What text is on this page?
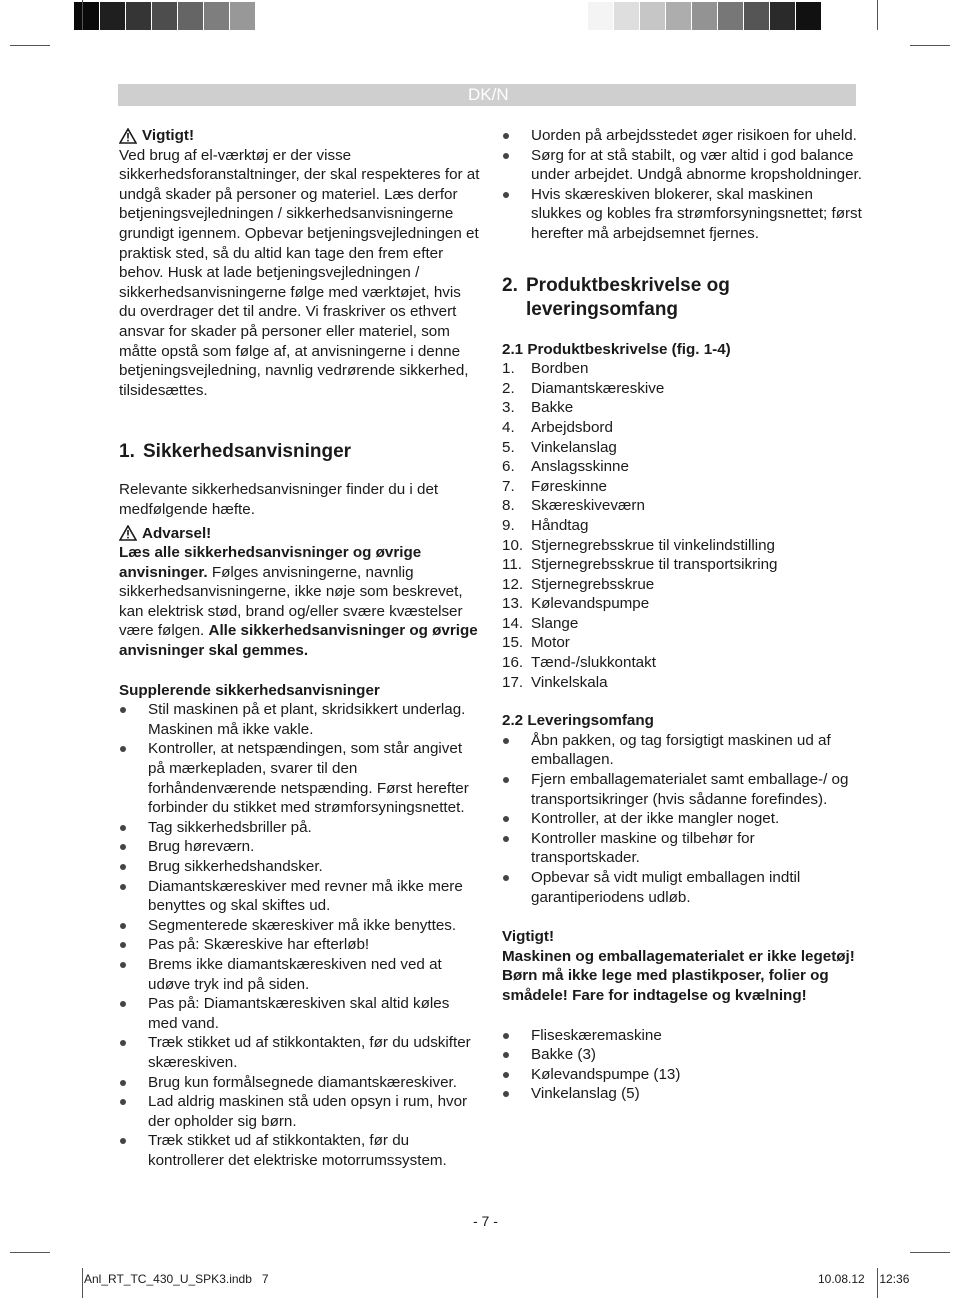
DK/N
Vigtigt!

Ved brug af el-værktøj er der visse sikkerhedsforanstaltninger, der skal respekteres for at undgå skader på personer og materiel. Læs derfor betjeningsvejledningen / sikkerhedsanvisningerne grundigt igennem. Opbevar betjeningsvejledningen et praktisk sted, så du altid kan tage den frem efter behov. Husk at lade betjeningsvejledningen / sikkerhedsanvisningerne følge med værktøjet, hvis du overdrager det til andre. Vi fraskriver os ethvert ansvar for skader på personer eller materiel, som måtte opstå som følge af, at anvisningerne i denne betjeningsvejledning, navnlig vedrørende sikkerhed, tilsidesættes.

1. Sikkerhedsanvisninger

Relevante sikkerhedsanvisninger finder du i det medfølgende hæfte.

Advarsel!

Læs alle sikkerhedsanvisninger og øvrige anvisninger. Følges anvisningerne, navnlig sikkerhedsanvisningerne, ikke nøje som beskrevet, kan elektrisk stød, brand og/eller svære kvæstelser være følgen. Alle sikkerhedsanvisninger og øvrige anvisninger skal gemmes.

Supplerende sikkerhedsanvisninger

Stil maskinen på et plant, skridsikkert underlag. Maskinen må ikke vakle.
Kontroller, at netspændingen, som står angivet på mærkepladen, svarer til den forhåndenværende netspænding. Først herefter forbinder du stikket med strømforsyningsnettet.
Tag sikkerhedsbriller på.
Brug høreværn.
Brug sikkerhedshandsker.
Diamantskæreskiver med revner må ikke mere benyttes og skal skiftes ud.
Segmenterede skæreskiver må ikke benyttes.
Pas på: Skæreskive har efterløb!
Brems ikke diamantskæreskiven ned ved at udøve tryk ind på siden.
Pas på: Diamantskæreskiven skal altid køles med vand.
Træk stikket ud af stikkontakten, før du udskifter skæreskiven.
Brug kun formålsegnede diamantskæreskiver.
Lad aldrig maskinen stå uden opsyn i rum, hvor der opholder sig børn.
Træk stikket ud af stikkontakten, før du kontrollerer det elektriske motorrumssystem.
Uorden på arbejdsstedet øger risikoen for uheld.
Sørg for at stå stabilt, og vær altid i god balance under arbejdet. Undgå abnorme kropsholdninger.
Hvis skæreskiven blokerer, skal maskinen slukkes og kobles fra strømforsyningsnettet; først herefter må arbejdsemnet fjernes.
2. Produktbeskrivelse og
leveringsomfang

2.1 Produktbeskrivelse (fig. 1-4)

1.	Bordben
2.	Diamantskæreskive
3.	Bakke
4.	Arbejdsbord
5.	Vinkelanslag
6.	Anslagsskinne
7.	Føreskinne
8.	Skæreskiveværn
9.	Håndtag
10. Stjernegrebsskrue til vinkelindstilling
11. Stjernegrebsskrue til transportsikring
12. Stjernegrebsskrue
13. Kølevandspumpe
14. Slange
15. Motor
16. Tænd-/slukkontakt
17. Vinkelskala

2.2 Leveringsomfang

Åbn pakken, og tag forsigtigt maskinen ud af emballagen.
Fjern emballagematerialet samt emballage-/ og transportsikringer (hvis sådanne forefindes).
Kontroller, at der ikke mangler noget.
Kontroller maskine og tilbehør for transportskader.
Opbevar så vidt muligt emballagen indtil garantiperiodens udløb.

Vigtigt!

Maskinen og emballagematerialet er ikke legetøj! Børn må ikke lege med plastikposer, folier og smådele! Fare for indtagelse og kvælning!

Fliseskæremaskine
Bakke (3)
Kølevandspumpe (13)
Vinkelanslag (5)
- 7 -
Anl_RT_TC_430_U_SPK3.indb   7	10.08.12  12:36
